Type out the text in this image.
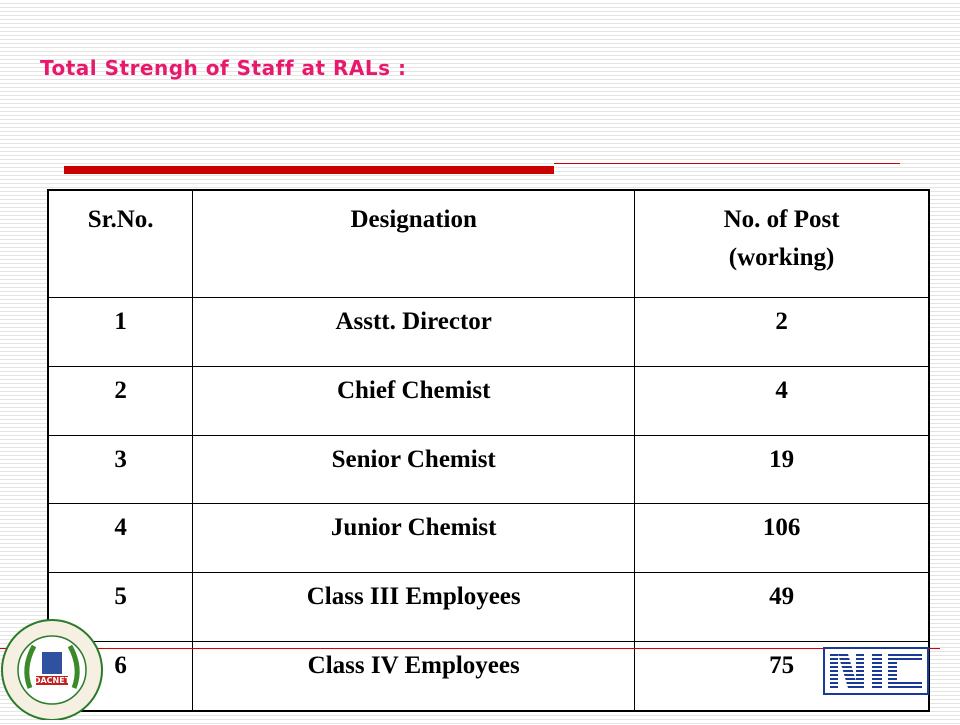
Total Strengh of Staff at RALs :
Sr.No.	Designation	No. of Post
(working)
1	Asstt. Director	2
2	Chief Chemist	4
3	Senior Chemist	19
4	Junior Chemist	106
5	Class III Employees	49
6	Class IV Employees	75
DACNET
